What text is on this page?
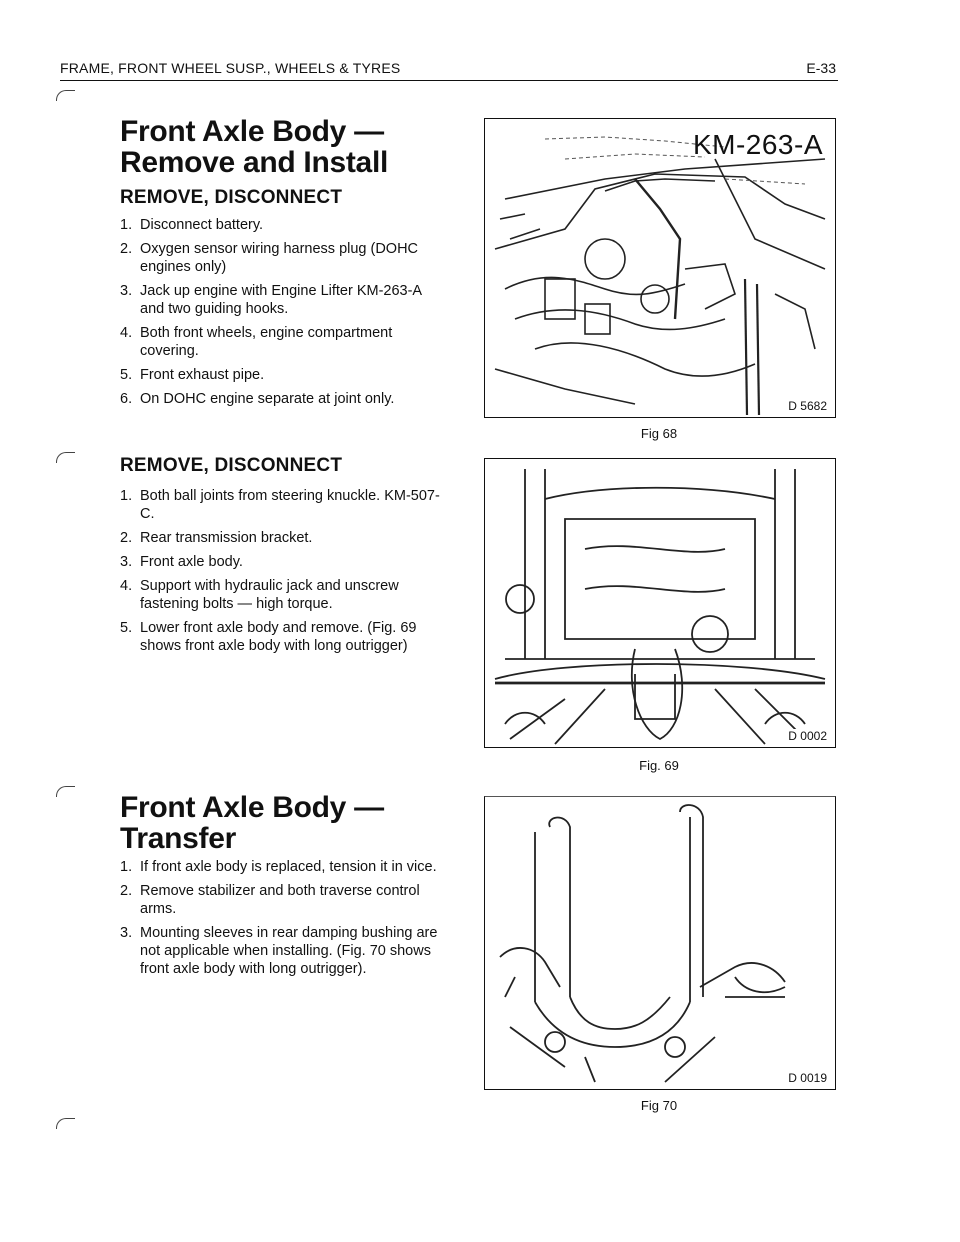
FRAME, FRONT WHEEL SUSP., WHEELS & TYRES	E-33
Front Axle Body —
Remove and Install
REMOVE, DISCONNECT
1. Disconnect battery.
2. Oxygen sensor wiring harness plug (DOHC engines only)
3. Jack up engine with Engine Lifter KM-263-A and two guiding hooks.
4. Both front wheels, engine compartment covering.
5. Front exhaust pipe.
6. On DOHC engine separate at joint only.
REMOVE, DISCONNECT
1. Both ball joints from steering knuckle. KM-507-C.
2. Rear transmission bracket.
3. Front axle body.
4. Support with hydraulic jack and unscrew fastening bolts — high torque.
5. Lower front axle body and remove. (Fig. 69 shows front axle body with long outrigger)
Front Axle Body —
Transfer
1. If front axle body is replaced, tension it in vice.
2. Remove stabilizer and both traverse control arms.
3. Mounting sleeves in rear damping bushing are not applicable when installing. (Fig. 70 shows front axle body with long outrigger).
KM-263-A
D 5682
Fig 68
D 0002
Fig. 69
D 0019
Fig 70
